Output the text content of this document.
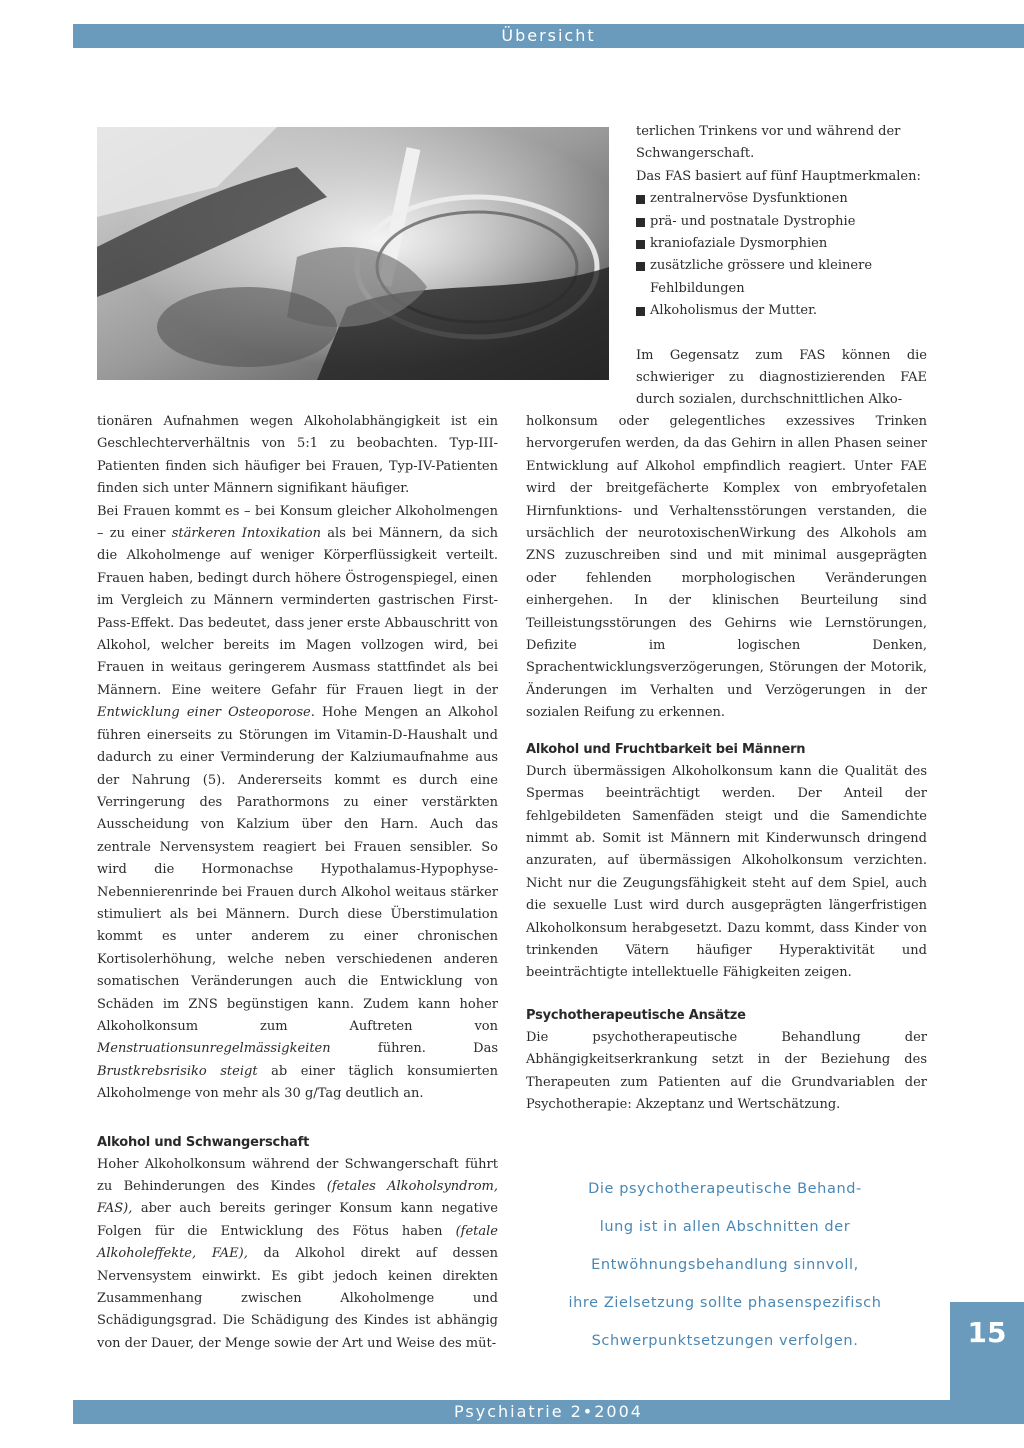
Übersicht

terlichen Trinkens vor und während der Schwangerschaft.

Das FAS basiert auf fünf Hauptmerkmalen:

zentralnervöse Dysfunktionen
prä- und postnatale Dystrophie
kraniofaziale Dysmorphien
zusätzliche grössere und kleinere Fehlbildungen
Alkoholismus der Mutter.

Im Gegensatz zum FAS können die schwieriger zu diagnostizierenden FAE durch sozialen, durchschnittlichen Alko-

tionären Aufnahmen wegen Alkoholabhängigkeit ist ein Geschlechterverhältnis von 5:1 zu beobachten. Typ-III-Patienten finden sich häufiger bei Frauen, Typ-IV-Patienten finden sich unter Männern signifikant häufiger.

Bei Frauen kommt es – bei Konsum gleicher Alkoholmengen – zu einer stärkeren Intoxikation als bei Männern, da sich die Alkoholmenge auf weniger Körperflüssigkeit verteilt. Frauen haben, bedingt durch höhere Östrogenspiegel, einen im Vergleich zu Männern verminderten gastrischen First-Pass-Effekt. Das bedeutet, dass jener erste Abbauschritt von Alkohol, welcher bereits im Magen vollzogen wird, bei Frauen in weitaus geringerem Ausmass stattfindet als bei Männern. Eine weitere Gefahr für Frauen liegt in der Entwicklung einer Osteoporose. Hohe Mengen an Alkohol führen einerseits zu Störungen im Vitamin-D-Haushalt und dadurch zu einer Verminderung der Kalziumaufnahme aus der Nahrung (5). Andererseits kommt es durch eine Verringerung des Parathormons zu einer verstärkten Ausscheidung von Kalzium über den Harn. Auch das zentrale Nervensystem reagiert bei Frauen sensibler. So wird die Hormonachse Hypothalamus-Hypophyse-Nebennierenrinde bei Frauen durch Alkohol weitaus stärker stimuliert als bei Männern. Durch diese Überstimulation kommt es unter anderem zu einer chronischen Kortisolerhöhung, welche neben verschiedenen anderen somatischen Veränderungen auch die Entwicklung von Schäden im ZNS begünstigen kann. Zudem kann hoher Alkoholkonsum zum Auftreten von Menstruationsunregelmässigkeiten führen. Das Brustkrebsrisiko steigt ab einer täglich konsumierten Alkoholmenge von mehr als 30 g/Tag deutlich an.

Alkohol und Schwangerschaft

Hoher Alkoholkonsum während der Schwangerschaft führt zu Behinderungen des Kindes (fetales Alkoholsyndrom, FAS), aber auch bereits geringer Konsum kann negative Folgen für die Entwicklung des Fötus haben (fetale Alkoholeffekte, FAE), da Alkohol direkt auf dessen Nervensystem einwirkt. Es gibt jedoch keinen direkten Zusammenhang zwischen Alkoholmenge und Schädigungsgrad. Die Schädigung des Kindes ist abhängig von der Dauer, der Menge sowie der Art und Weise des müt-

holkonsum oder gelegentliches exzessives Trinken hervorgerufen werden, da das Gehirn in allen Phasen seiner Entwicklung auf Alkohol empfindlich reagiert. Unter FAE wird der breitgefächerte Komplex von embryofetalen Hirnfunktions- und Verhaltensstörungen verstanden, die ursächlich der neurotoxischenWirkung des Alkohols am ZNS zuzuschreiben sind und mit minimal ausgeprägten oder fehlenden morphologischen Veränderungen einhergehen. In der klinischen Beurteilung sind Teilleistungsstörungen des Gehirns wie Lernstörungen, Defizite im logischen Denken, Sprachentwicklungsverzögerungen, Störungen der Motorik, Änderungen im Verhalten und Verzögerungen in der sozialen Reifung zu erkennen.

Alkohol und Fruchtbarkeit bei Männern

Durch übermässigen Alkoholkonsum kann die Qualität des Spermas beeinträchtigt werden. Der Anteil der fehlgebildeten Samenfäden steigt und die Samendichte nimmt ab. Somit ist Männern mit Kinderwunsch dringend anzuraten, auf übermässigen Alkoholkonsum verzichten. Nicht nur die Zeugungsfähigkeit steht auf dem Spiel, auch die sexuelle Lust wird durch ausgeprägten längerfristigen Alkoholkonsum herabgesetzt. Dazu kommt, dass Kinder von trinkenden Vätern häufiger Hyperaktivität und beeinträchtigte intellektuelle Fähigkeiten zeigen.

Psychotherapeutische Ansätze

Die psychotherapeutische Behandlung der Abhängigkeitserkrankung setzt in der Beziehung des Therapeuten zum Patienten auf die Grundvariablen der Psychotherapie: Akzeptanz und Wertschätzung.

Die psychotherapeutische Behand-
lung ist in allen Abschnitten der
Entwöhnungsbehandlung sinnvoll,
ihre Zielsetzung sollte phasenspezifisch
Schwerpunktsetzungen verfolgen.	15
Psychiatrie 2•2004
